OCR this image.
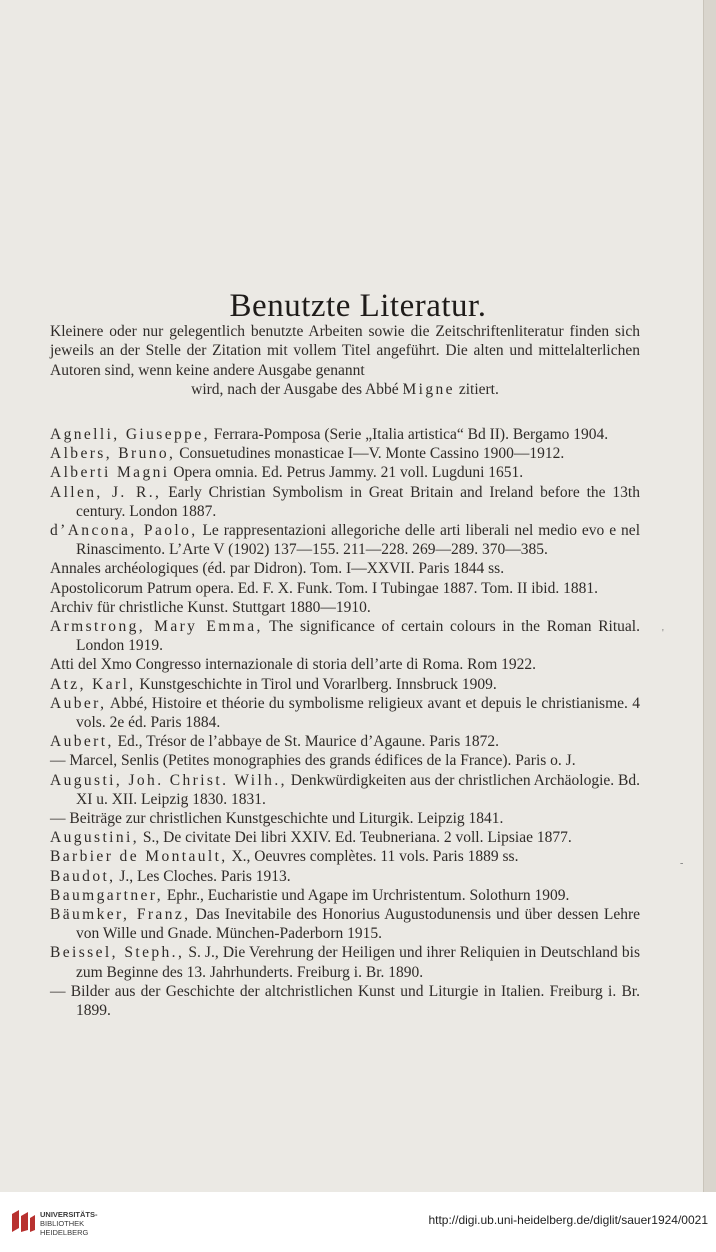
Benutzte Literatur.
Kleinere oder nur gelegentlich benutzte Arbeiten sowie die Zeitschriftenliteratur finden sich jeweils an der Stelle der Zitation mit vollem Titel angeführt. Die alten und mittelalterlichen Autoren sind, wenn keine andere Ausgabe genannt
wird, nach der Ausgabe des Abbé Migne zitiert.

Agnelli, Giuseppe, Ferrara-Pomposa (Serie „Italia artistica“ Bd II). Bergamo 1904.

Albers, Bruno, Consuetudines monasticae I—V. Monte Cassino 1900—1912.

Alberti Magni Opera omnia. Ed. Petrus Jammy. 21 voll. Lugduni 1651.

Allen, J. R., Early Christian Symbolism in Great Britain and Ireland before the 13th century. London 1887.

d’Ancona, Paolo, Le rappresentazioni allegoriche delle arti liberali nel medio evo e nel Rinascimento. L’Arte V (1902) 137—155. 211—228. 269—289. 370—385.

Annales archéologiques (éd. par Didron). Tom. I—XXVII. Paris 1844 ss.

Apostolicorum Patrum opera. Ed. F. X. Funk. Tom. I Tubingae 1887. Tom. II ibid. 1881.

Archiv für christliche Kunst. Stuttgart 1880—1910.

Armstrong, Mary Emma, The significance of certain colours in the Roman Ritual. London 1919.

Atti del Xmo Congresso internazionale di storia dell’arte di Roma. Rom 1922.

Atz, Karl, Kunstgeschichte in Tirol und Vorarlberg. Innsbruck 1909.

Auber, Abbé, Histoire et théorie du symbolisme religieux avant et depuis le christianisme. 4 vols. 2e éd. Paris 1884.

Aubert, Ed., Trésor de l’abbaye de St. Maurice d’Agaune. Paris 1872.

— Marcel, Senlis (Petites monographies des grands édifices de la France). Paris o. J.

Augusti, Joh. Christ. Wilh., Denkwürdigkeiten aus der christlichen Archäologie. Bd. XI u. XII. Leipzig 1830. 1831.

— Beiträge zur christlichen Kunstgeschichte und Liturgik. Leipzig 1841.

Augustini, S., De civitate Dei libri XXIV. Ed. Teubneriana. 2 voll. Lipsiae 1877.

Barbier de Montault, X., Oeuvres complètes. 11 vols. Paris 1889 ss.

Baudot, J., Les Cloches. Paris 1913.

Baumgartner, Ephr., Eucharistie und Agape im Urchristentum. Solothurn 1909.

Bäumker, Franz, Das Inevitabile des Honorius Augustodunensis und über dessen Lehre von Wille und Gnade. München-Paderborn 1915.

Beissel, Steph., S. J., Die Verehrung der Heiligen und ihrer Reliquien in Deutschland bis zum Beginne des 13. Jahrhunderts. Freiburg i. Br. 1890.

— Bilder aus der Geschichte der altchristlichen Kunst und Liturgie in Italien. Freiburg i. Br. 1899.

'
-
UNIVERSITÄTS-
BIBLIOTHEK
HEIDELBERG
http://digi.ub.uni-heidelberg.de/diglit/sauer1924/0021
